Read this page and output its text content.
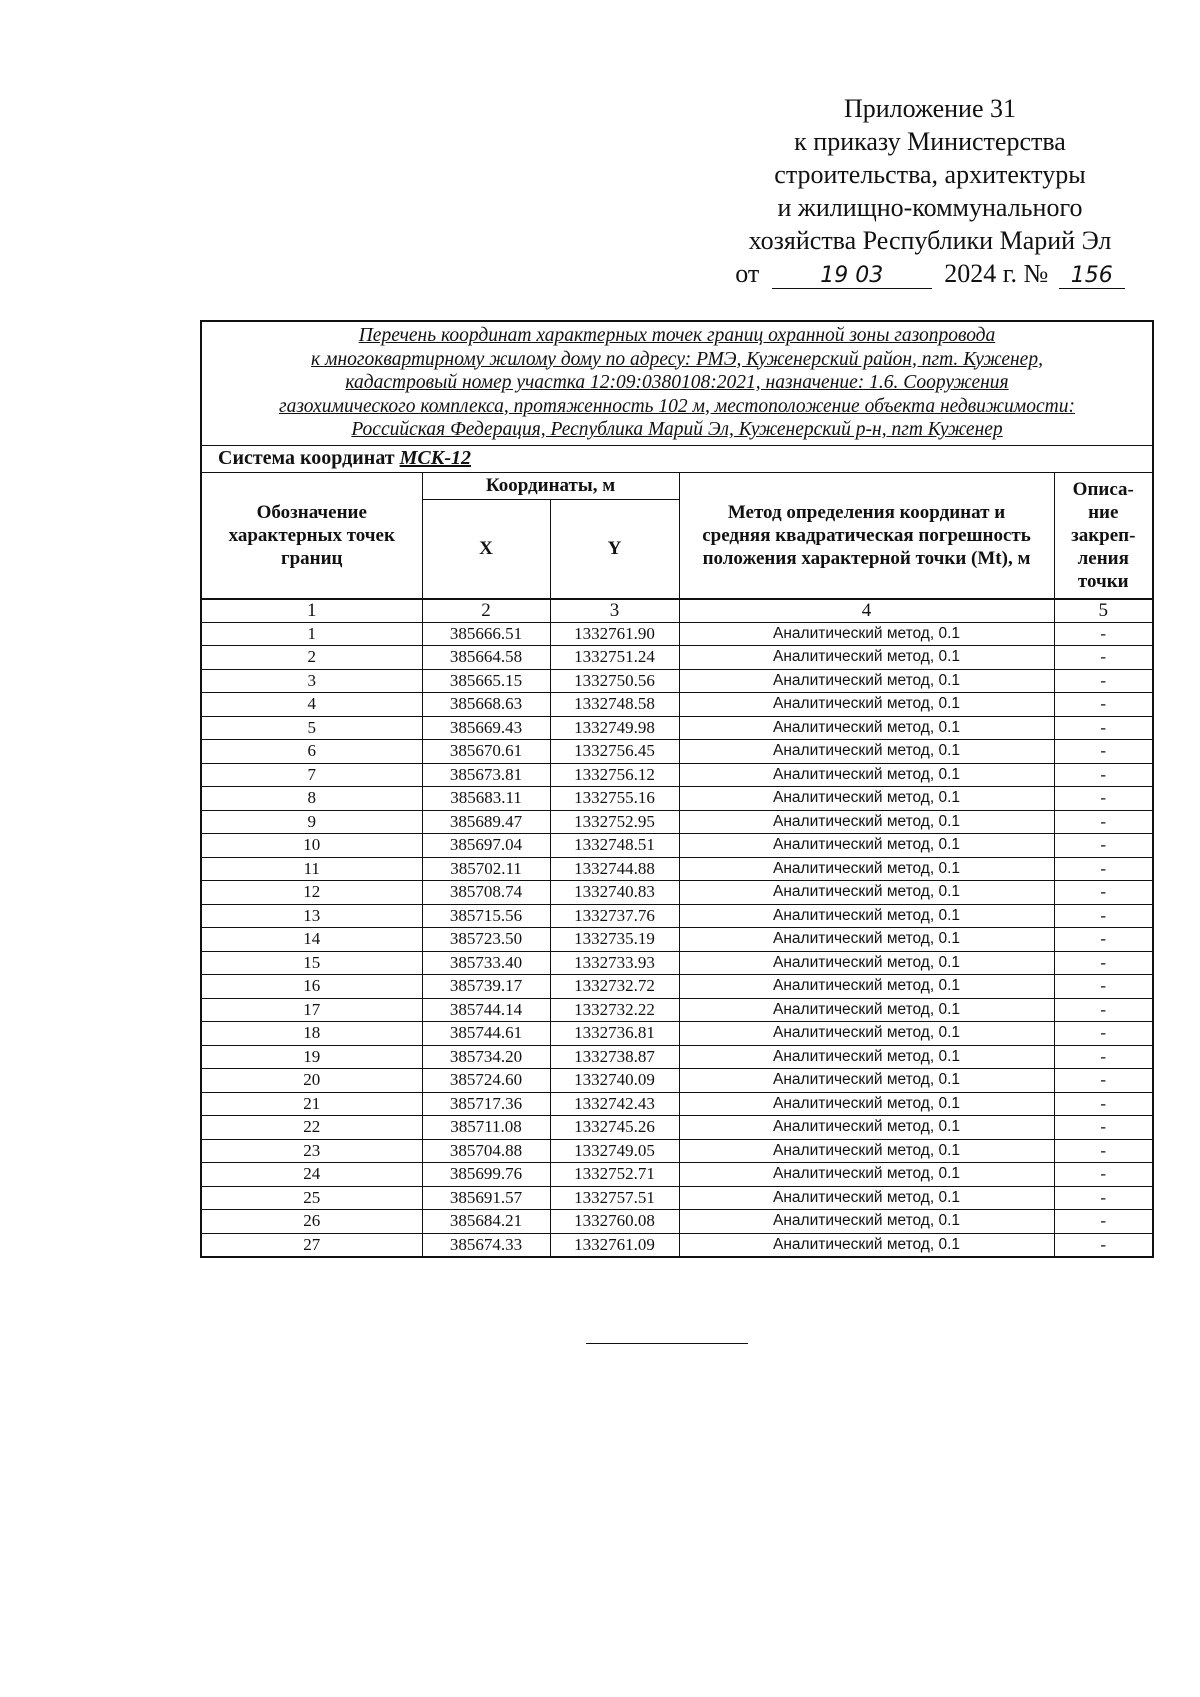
Приложение 31
к приказу Министерства
строительства, архитектуры
и жилищно-коммунального
хозяйства Республики Марий Эл
от	19 03 2024 г. № 156
Перечень координат характерных точек границ охранной зоны газопровода
к многоквартирному жилому дому по адресу: РМЭ, Куженерский район, пгт. Куженер,
кадастровый номер участка 12:09:0380108:2021, назначение: 1.6. Сооружения
газохимического комплекса, протяженность 102 м, местоположение объекта недвижимости:
Российская Федерация, Республика Марий Эл, Куженерский р-н, пгт Куженер				

Система координат МСК-12				
Обозначение характерных точек границ	Координаты, м		Метод определения координат и средняя квадратическая погрешность положения характерной точки (Mt), м	Описа- ние закреп- ления точки
	X	Y		
1	2	3	4	5
1	385666.51	1332761.90	Аналитический метод, 0.1	-
2	385664.58	1332751.24	Аналитический метод, 0.1	-
3	385665.15	1332750.56	Аналитический метод, 0.1	-
4	385668.63	1332748.58	Аналитический метод, 0.1	-
5	385669.43	1332749.98	Аналитический метод, 0.1	-
6	385670.61	1332756.45	Аналитический метод, 0.1	-
7	385673.81	1332756.12	Аналитический метод, 0.1	-
8	385683.11	1332755.16	Аналитический метод, 0.1	-
9	385689.47	1332752.95	Аналитический метод, 0.1	-
10	385697.04	1332748.51	Аналитический метод, 0.1	-
11	385702.11	1332744.88	Аналитический метод, 0.1	-
12	385708.74	1332740.83	Аналитический метод, 0.1	-
13	385715.56	1332737.76	Аналитический метод, 0.1	-
14	385723.50	1332735.19	Аналитический метод, 0.1	-
15	385733.40	1332733.93	Аналитический метод, 0.1	-
16	385739.17	1332732.72	Аналитический метод, 0.1	-
17	385744.14	1332732.22	Аналитический метод, 0.1	-
18	385744.61	1332736.81	Аналитический метод, 0.1	-
19	385734.20	1332738.87	Аналитический метод, 0.1	-
20	385724.60	1332740.09	Аналитический метод, 0.1	-
21	385717.36	1332742.43	Аналитический метод, 0.1	-
22	385711.08	1332745.26	Аналитический метод, 0.1	-
23	385704.88	1332749.05	Аналитический метод, 0.1	-
24	385699.76	1332752.71	Аналитический метод, 0.1	-
25	385691.57	1332757.51	Аналитический метод, 0.1	-
26	385684.21	1332760.08	Аналитический метод, 0.1	-
27	385674.33	1332761.09	Аналитический метод, 0.1	-
